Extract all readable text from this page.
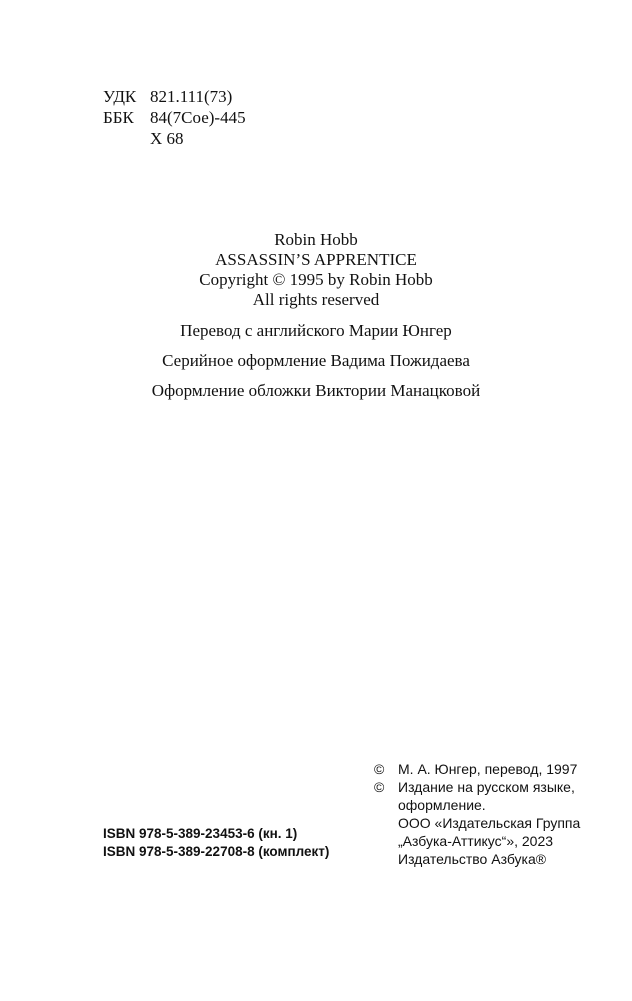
УДК 821.111(73)
ББК 84(7Сое)-445
Х 68
Robin Hobb
ASSASSIN’S APPRENTICE
Copyright © 1995 by Robin Hobb
All rights reserved
Перевод с английского Марии Юнгер
Серийное оформление Вадима Пожидаева
Оформление обложки Виктории Манацковой
© М. А. Юнгер, перевод, 1997
© Издание на русском языке,
оформление.
ООО «Издательская Группа
„Азбука-Аттикус“», 2023
Издательство Азбука®
ISBN 978-5-389-23453-6 (кн. 1)
ISBN 978-5-389-22708-8 (комплект)
